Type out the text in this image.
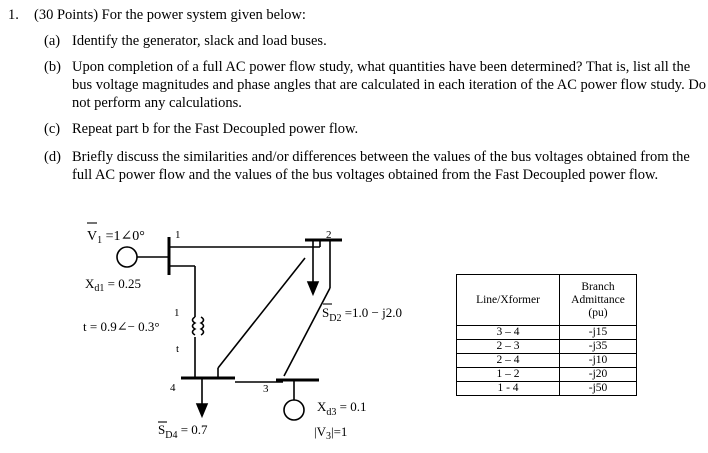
1. (30 Points) For the power system given below:
(a) Identify the generator, slack and load buses.
(b) Upon completion of a full AC power flow study, what quantities have been determined? That is, list all the bus voltage magnitudes and phase angles that are calculated in each iteration of the AC power flow study. Do not perform any calculations.
(c) Repeat part b for the Fast Decoupled power flow.
(d) Briefly discuss the similarities and/or differences between the values of the bus voltages obtained from the full AC power flow and the values of the bus voltages obtained from the Fast Decoupled power flow.
$V_1$ =1∠0°	1	2
$X_{d1} = 0.25$
$S_{D2} =1.0 - j2.0$
1
t = 0.9∠− 0.3°
t
4	3
$S_{D4} = 0.7$
$X_{d3} = 0.1$
$|V_3|=1$
Line/Xformer	Branch
Admittance
(pu)

3 – 4	-j15
2 – 3	-j35
2 – 4	-j10
1 – 2	-j20
1 - 4	-j50
